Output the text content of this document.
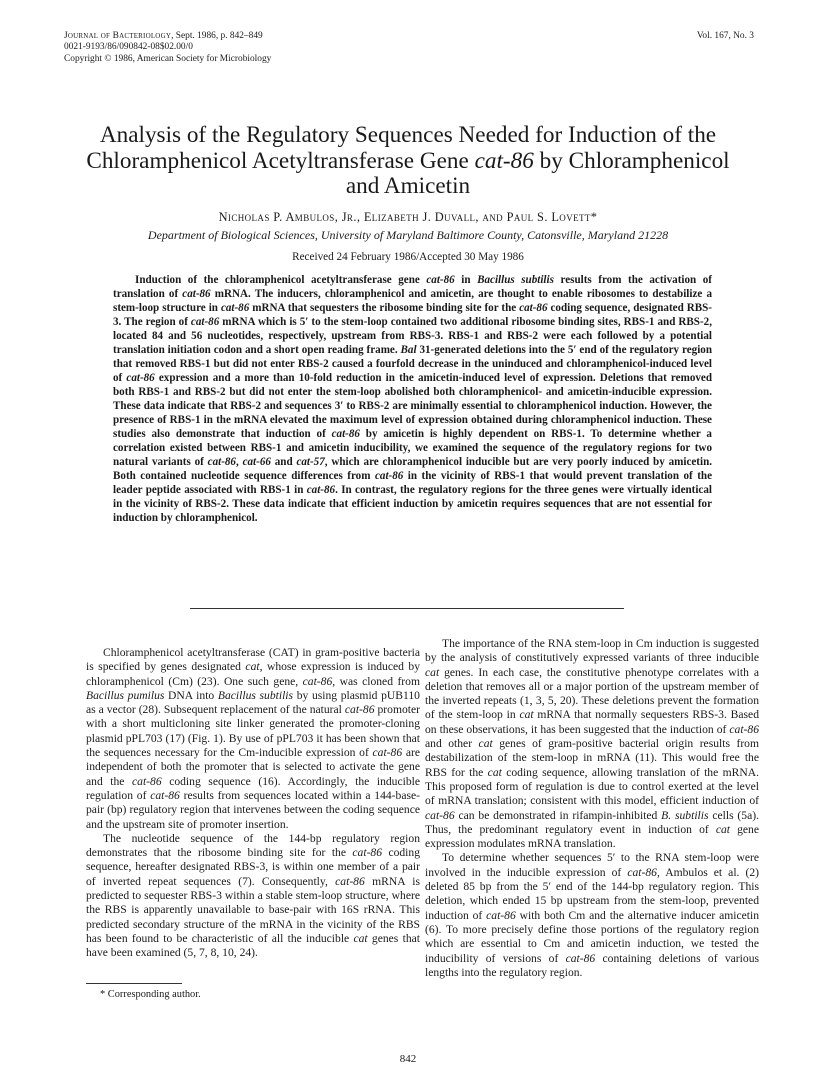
Journal of Bacteriology, Sept. 1986, p. 842–849
0021-9193/86/090842-08$02.00/0
Copyright © 1986, American Society for Microbiology
Vol. 167, No. 3
Analysis of the Regulatory Sequences Needed for Induction of the
Chloramphenicol Acetyltransferase Gene cat-86 by Chloramphenicol
and Amicetin
Nicholas P. Ambulos, Jr., Elizabeth J. Duvall, and Paul S. Lovett*
Department of Biological Sciences, University of Maryland Baltimore County, Catonsville, Maryland 21228
Received 24 February 1986/Accepted 30 May 1986

Induction of the chloramphenicol acetyltransferase gene cat-86 in Bacillus subtilis results from the activation of translation of cat-86 mRNA. The inducers, chloramphenicol and amicetin, are thought to enable ribosomes to destabilize a stem-loop structure in cat-86 mRNA that sequesters the ribosome binding site for the cat-86 coding sequence, designated RBS-3. The region of cat-86 mRNA which is 5′ to the stem-loop contained two additional ribosome binding sites, RBS-1 and RBS-2, located 84 and 56 nucleotides, respectively, upstream from RBS-3. RBS-1 and RBS-2 were each followed by a potential translation initiation codon and a short open reading frame. Bal 31-generated deletions into the 5′ end of the regulatory region that removed RBS-1 but did not enter RBS-2 caused a fourfold decrease in the uninduced and chloramphenicol-induced level of cat-86 expression and a more than 10-fold reduction in the amicetin-induced level of expression. Deletions that removed both RBS-1 and RBS-2 but did not enter the stem-loop abolished both chloramphenicol- and amicetin-inducible expression. These data indicate that RBS-2 and sequences 3′ to RBS-2 are minimally essential to chloramphenicol induction. However, the presence of RBS-1 in the mRNA elevated the maximum level of expression obtained during chloramphenicol induction. These studies also demonstrate that induction of cat-86 by amicetin is highly dependent on RBS-1. To determine whether a correlation existed between RBS-1 and amicetin inducibility, we examined the sequence of the regulatory regions for two natural variants of cat-86, cat-66 and cat-57, which are chloramphenicol inducible but are very poorly induced by amicetin. Both contained nucleotide sequence differences from cat-86 in the vicinity of RBS-1 that would prevent translation of the leader peptide associated with RBS-1 in cat-86. In contrast, the regulatory regions for the three genes were virtually identical in the vicinity of RBS-2. These data indicate that efficient induction by amicetin requires sequences that are not essential for induction by chloramphenicol.

Chloramphenicol acetyltransferase (CAT) in gram-positive bacteria is specified by genes designated cat, whose expression is induced by chloramphenicol (Cm) (23). One such gene, cat-86, was cloned from Bacillus pumilus DNA into Bacillus subtilis by using plasmid pUB110 as a vector (28). Subsequent replacement of the natural cat-86 promoter with a short multicloning site linker generated the promoter-cloning plasmid pPL703 (17) (Fig. 1). By use of pPL703 it has been shown that the sequences necessary for the Cm-inducible expression of cat-86 are independent of both the promoter that is selected to activate the gene and the cat-86 coding sequence (16). Accordingly, the inducible regulation of cat-86 results from sequences located within a 144-base-pair (bp) regulatory region that intervenes between the coding sequence and the upstream site of promoter insertion.

The nucleotide sequence of the 144-bp regulatory region demonstrates that the ribosome binding site for the cat-86 coding sequence, hereafter designated RBS-3, is within one member of a pair of inverted repeat sequences (7). Consequently, cat-86 mRNA is predicted to sequester RBS-3 within a stable stem-loop structure, where the RBS is apparently unavailable to base-pair with 16S rRNA. This predicted secondary structure of the mRNA in the vicinity of the RBS has been found to be characteristic of all the inducible cat genes that have been examined (5, 7, 8, 10, 24).

The importance of the RNA stem-loop in Cm induction is suggested by the analysis of constitutively expressed variants of three inducible cat genes. In each case, the constitutive phenotype correlates with a deletion that removes all or a major portion of the upstream member of the inverted repeats (1, 3, 5, 20). These deletions prevent the formation of the stem-loop in cat mRNA that normally sequesters RBS-3. Based on these observations, it has been suggested that the induction of cat-86 and other cat genes of gram-positive bacterial origin results from destabilization of the stem-loop in mRNA (11). This would free the RBS for the cat coding sequence, allowing translation of the mRNA. This proposed form of regulation is due to control exerted at the level of mRNA translation; consistent with this model, efficient induction of cat-86 can be demonstrated in rifampin-inhibited B. subtilis cells (5a). Thus, the predominant regulatory event in induction of cat gene expression modulates mRNA translation.

To determine whether sequences 5′ to the RNA stem-loop were involved in the inducible expression of cat-86, Ambulos et al. (2) deleted 85 bp from the 5′ end of the 144-bp regulatory region. This deletion, which ended 15 bp upstream from the stem-loop, prevented induction of cat-86 with both Cm and the alternative inducer amicetin (6). To more precisely define those portions of the regulatory region which are essential to Cm and amicetin induction, we tested the inducibility of versions of cat-86 containing deletions of various lengths into the regulatory region.

* Corresponding author.
842
